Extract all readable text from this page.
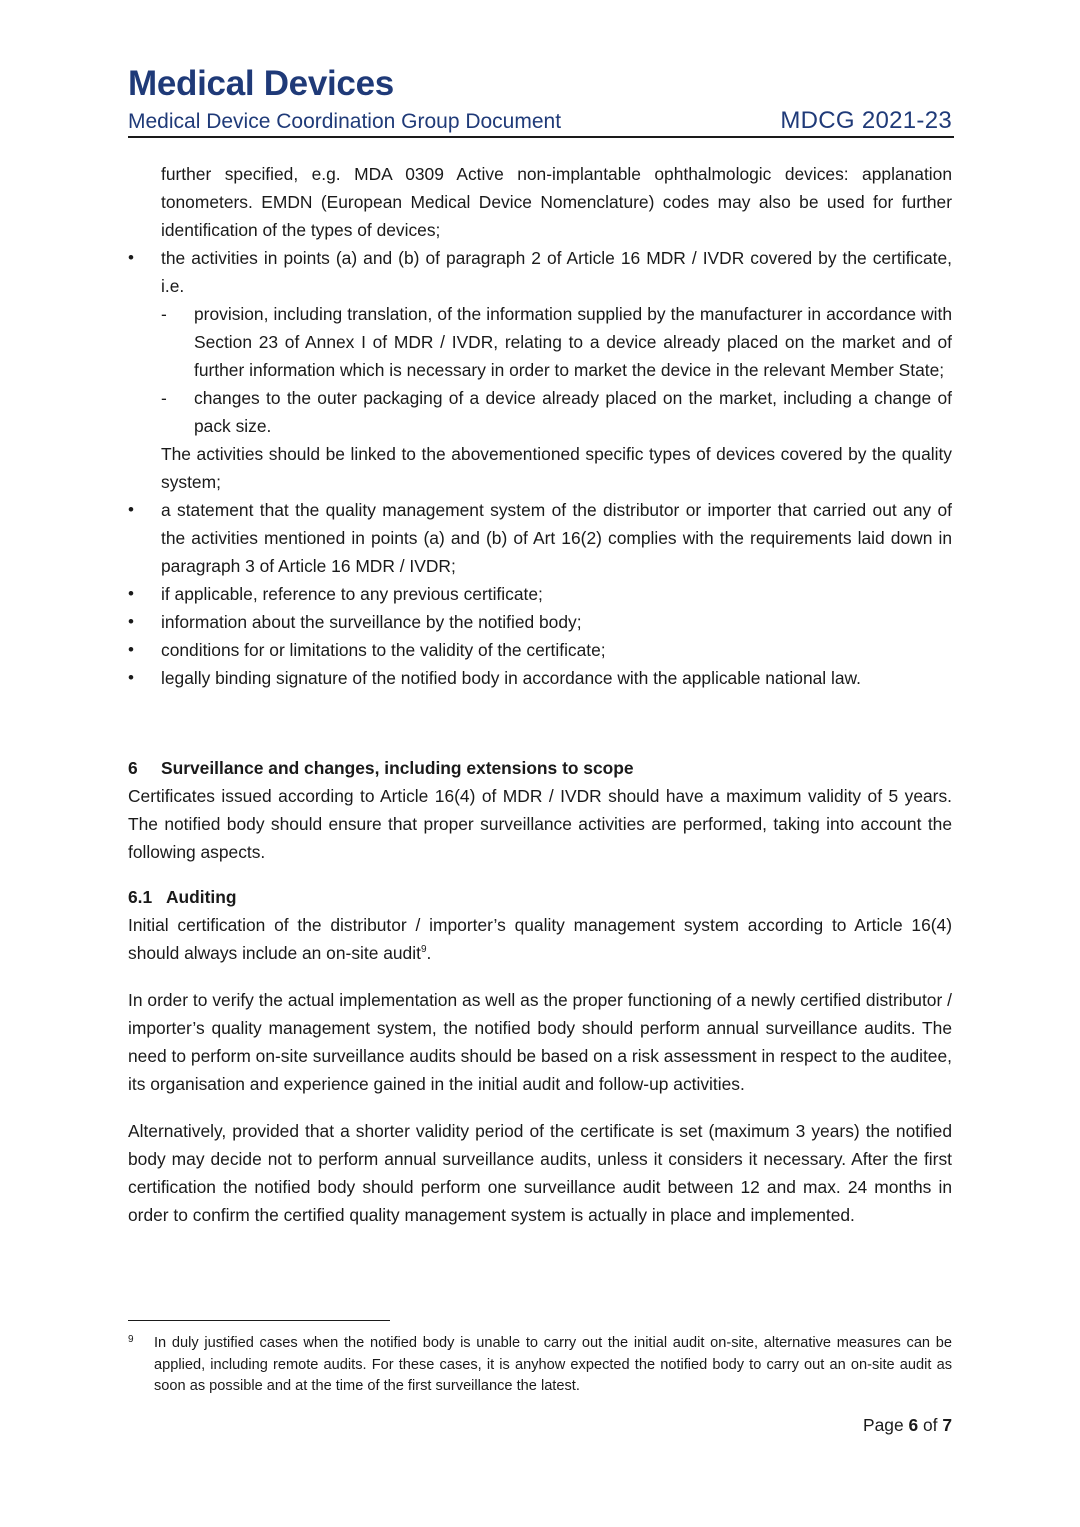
Medical Devices
Medical Device Coordination Group Document	MDCG 2021-23

further specified, e.g. MDA 0309 Active non-implantable ophthalmologic devices: applanation tonometers. EMDN (European Medical Device Nomenclature) codes may also be used for further identification of the types of devices;

• the activities in points (a) and (b) of paragraph 2 of Article 16 MDR / IVDR covered by the certificate, i.e.
- provision, including translation, of the information supplied by the manufacturer in accordance with Section 23 of Annex I of MDR / IVDR, relating to a device already placed on the market and of further information which is necessary in order to market the device in the relevant Member State;
- changes to the outer packaging of a device already placed on the market, including a change of pack size.

The activities should be linked to the abovementioned specific types of devices covered by the quality system;

• a statement that the quality management system of the distributor or importer that carried out any of the activities mentioned in points (a) and (b) of Art 16(2) complies with the requirements laid down in paragraph 3 of Article 16 MDR / IVDR;
• if applicable, reference to any previous certificate;
• information about the surveillance by the notified body;
• conditions for or limitations to the validity of the certificate;
• legally binding signature of the notified body in accordance with the applicable national law.

6 Surveillance and changes, including extensions to scope

Certificates issued according to Article 16(4) of MDR / IVDR should have a maximum validity of 5 years. The notified body should ensure that proper surveillance activities are performed, taking into account the following aspects.

6.1 Auditing

Initial certification of the distributor / importer’s quality management system according to Article 16(4) should always include an on-site audit$^9$.

In order to verify the actual implementation as well as the proper functioning of a newly certified distributor / importer’s quality management system, the notified body should perform annual surveillance audits. The need to perform on-site surveillance audits should be based on a risk assessment in respect to the auditee, its organisation and experience gained in the initial audit and follow-up activities.

Alternatively, provided that a shorter validity period of the certificate is set (maximum 3 years) the notified body may decide not to perform annual surveillance audits, unless it considers it necessary. After the first certification the notified body should perform one surveillance audit between 12 and max. 24 months in order to confirm the certified quality management system is actually in place and implemented.

9	In duly justified cases when the notified body is unable to carry out the initial audit on-site, alternative measures can be applied, including remote audits. For these cases, it is anyhow expected the notified body to carry out an on-site audit as soon as possible and at the time of the first surveillance the latest.
Page 6 of 7
